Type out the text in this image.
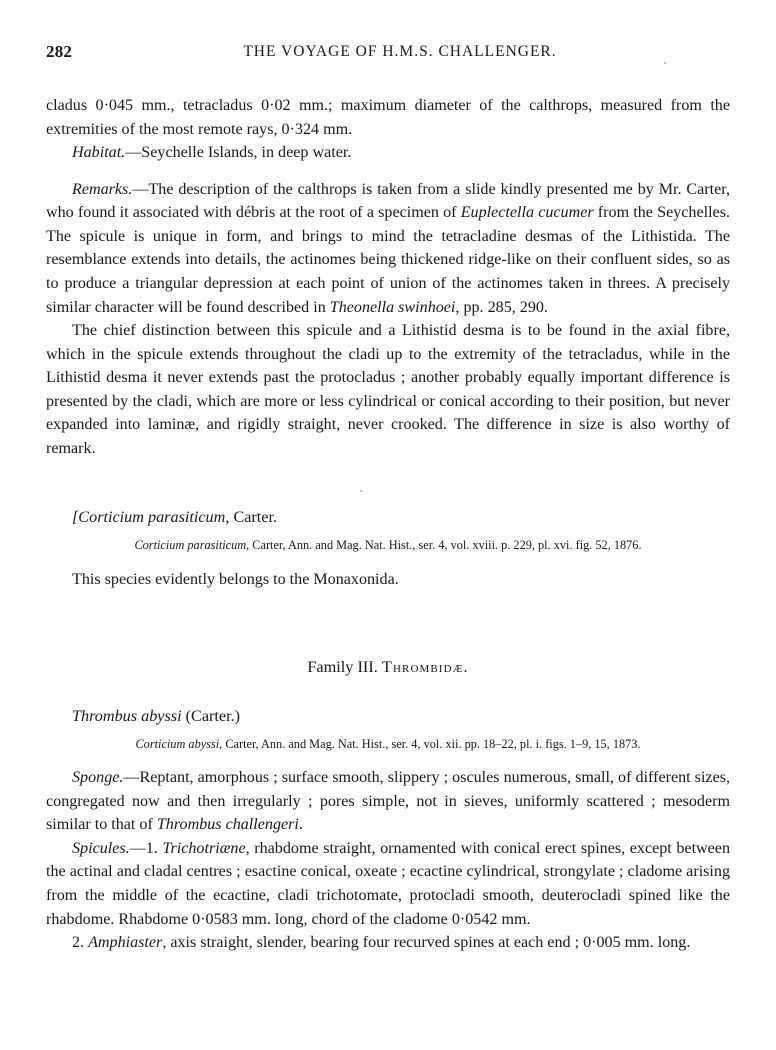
282	THE VOYAGE OF H.M.S. CHALLENGER.

cladus 0·045 mm., tetracladus 0·02 mm.; maximum diameter of the calthrops, measured from the extremities of the most remote rays, 0·324 mm.

Habitat.—Seychelle Islands, in deep water.

Remarks.—The description of the calthrops is taken from a slide kindly presented me by Mr. Carter, who found it associated with débris at the root of a specimen of Euplectella cucumer from the Seychelles. The spicule is unique in form, and brings to mind the tetracladine desmas of the Lithistida. The resemblance extends into details, the actinomes being thickened ridge-like on their confluent sides, so as to produce a triangular depression at each point of union of the actinomes taken in threes. A precisely similar character will be found described in Theonella swinhoei, pp. 285, 290.

The chief distinction between this spicule and a Lithistid desma is to be found in the axial fibre, which in the spicule extends throughout the cladi up to the extremity of the tetracladus, while in the Lithistid desma it never extends past the protocladus ; another probably equally important difference is presented by the cladi, which are more or less cylindrical or conical according to their position, but never expanded into laminæ, and rigidly straight, never crooked. The difference in size is also worthy of remark.

[Corticium parasiticum, Carter.

Corticium parasiticum, Carter, Ann. and Mag. Nat. Hist., ser. 4, vol. xviii. p. 229, pl. xvi. fig. 52, 1876.

This species evidently belongs to the Monaxonida.

Family III. Thrombidæ.

Thrombus abyssi (Carter.)

Corticium abyssi, Carter, Ann. and Mag. Nat. Hist., ser. 4, vol. xii. pp. 18–22, pl. i. figs. 1–9, 15, 1873.

Sponge.—Reptant, amorphous ; surface smooth, slippery ; oscules numerous, small, of different sizes, congregated now and then irregularly ; pores simple, not in sieves, uniformly scattered ; mesoderm similar to that of Thrombus challengeri.

Spicules.—1. Trichotriæne, rhabdome straight, ornamented with conical erect spines, except between the actinal and cladal centres ; esactine conical, oxeate ; ecactine cylindrical, strongylate ; cladome arising from the middle of the ecactine, cladi trichotomate, protocladi smooth, deuterocladi spined like the rhabdome. Rhabdome 0·0583 mm. long, chord of the cladome 0·0542 mm.

2. Amphiaster, axis straight, slender, bearing four recurved spines at each end ; 0·005 mm. long.
